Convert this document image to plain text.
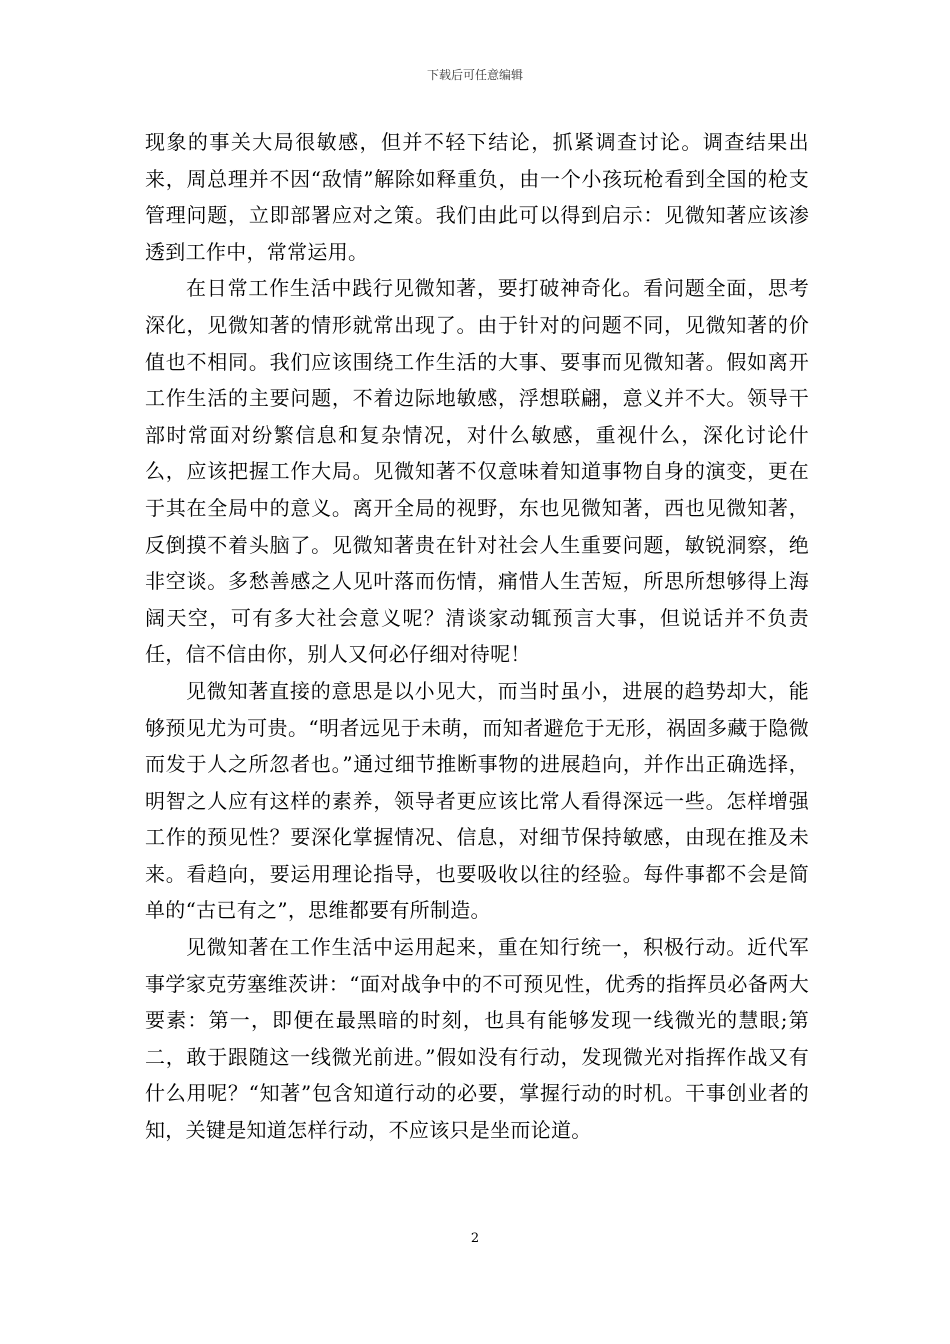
下载后可任意编辑

现象的事关大局很敏感，但并不轻下结论，抓紧调查讨论。调查结果出来，周总理并不因“敌情”解除如释重负，由一个小孩玩枪看到全国的枪支管理问题，立即部署应对之策。我们由此可以得到启示：见微知著应该渗透到工作中，常常运用。

在日常工作生活中践行见微知著，要打破神奇化。看问题全面，思考深化，见微知著的情形就常出现了。由于针对的问题不同，见微知著的价值也不相同。我们应该围绕工作生活的大事、要事而见微知著。假如离开工作生活的主要问题，不着边际地敏感，浮想联翩，意义并不大。领导干部时常面对纷繁信息和复杂情况，对什么敏感，重视什么，深化讨论什么，应该把握工作大局。见微知著不仅意味着知道事物自身的演变，更在于其在全局中的意义。离开全局的视野，东也见微知著，西也见微知著，反倒摸不着头脑了。见微知著贵在针对社会人生重要问题，敏锐洞察，绝非空谈。多愁善感之人见叶落而伤情，痛惜人生苦短，所思所想够得上海阔天空，可有多大社会意义呢？清谈家动辄预言大事，但说话并不负责任，信不信由你，别人又何必仔细对待呢！

见微知著直接的意思是以小见大，而当时虽小，进展的趋势却大，能够预见尤为可贵。“明者远见于未萌，而知者避危于无形，祸固多藏于隐微而发于人之所忽者也。”通过细节推断事物的进展趋向，并作出正确选择，明智之人应有这样的素养，领导者更应该比常人看得深远一些。怎样增强工作的预见性？要深化掌握情况、信息，对细节保持敏感，由现在推及未来。看趋向，要运用理论指导，也要吸收以往的经验。每件事都不会是简单的“古已有之”，思维都要有所制造。

见微知著在工作生活中运用起来，重在知行统一，积极行动。近代军事学家克劳塞维茨讲：“面对战争中的不可预见性，优秀的指挥员必备两大要素：第一，即便在最黑暗的时刻，也具有能够发现一线微光的慧眼;第二，敢于跟随这一线微光前进。”假如没有行动，发现微光对指挥作战又有什么用呢？“知著”包含知道行动的必要，掌握行动的时机。干事创业者的知，关键是知道怎样行动，不应该只是坐而论道。

2
